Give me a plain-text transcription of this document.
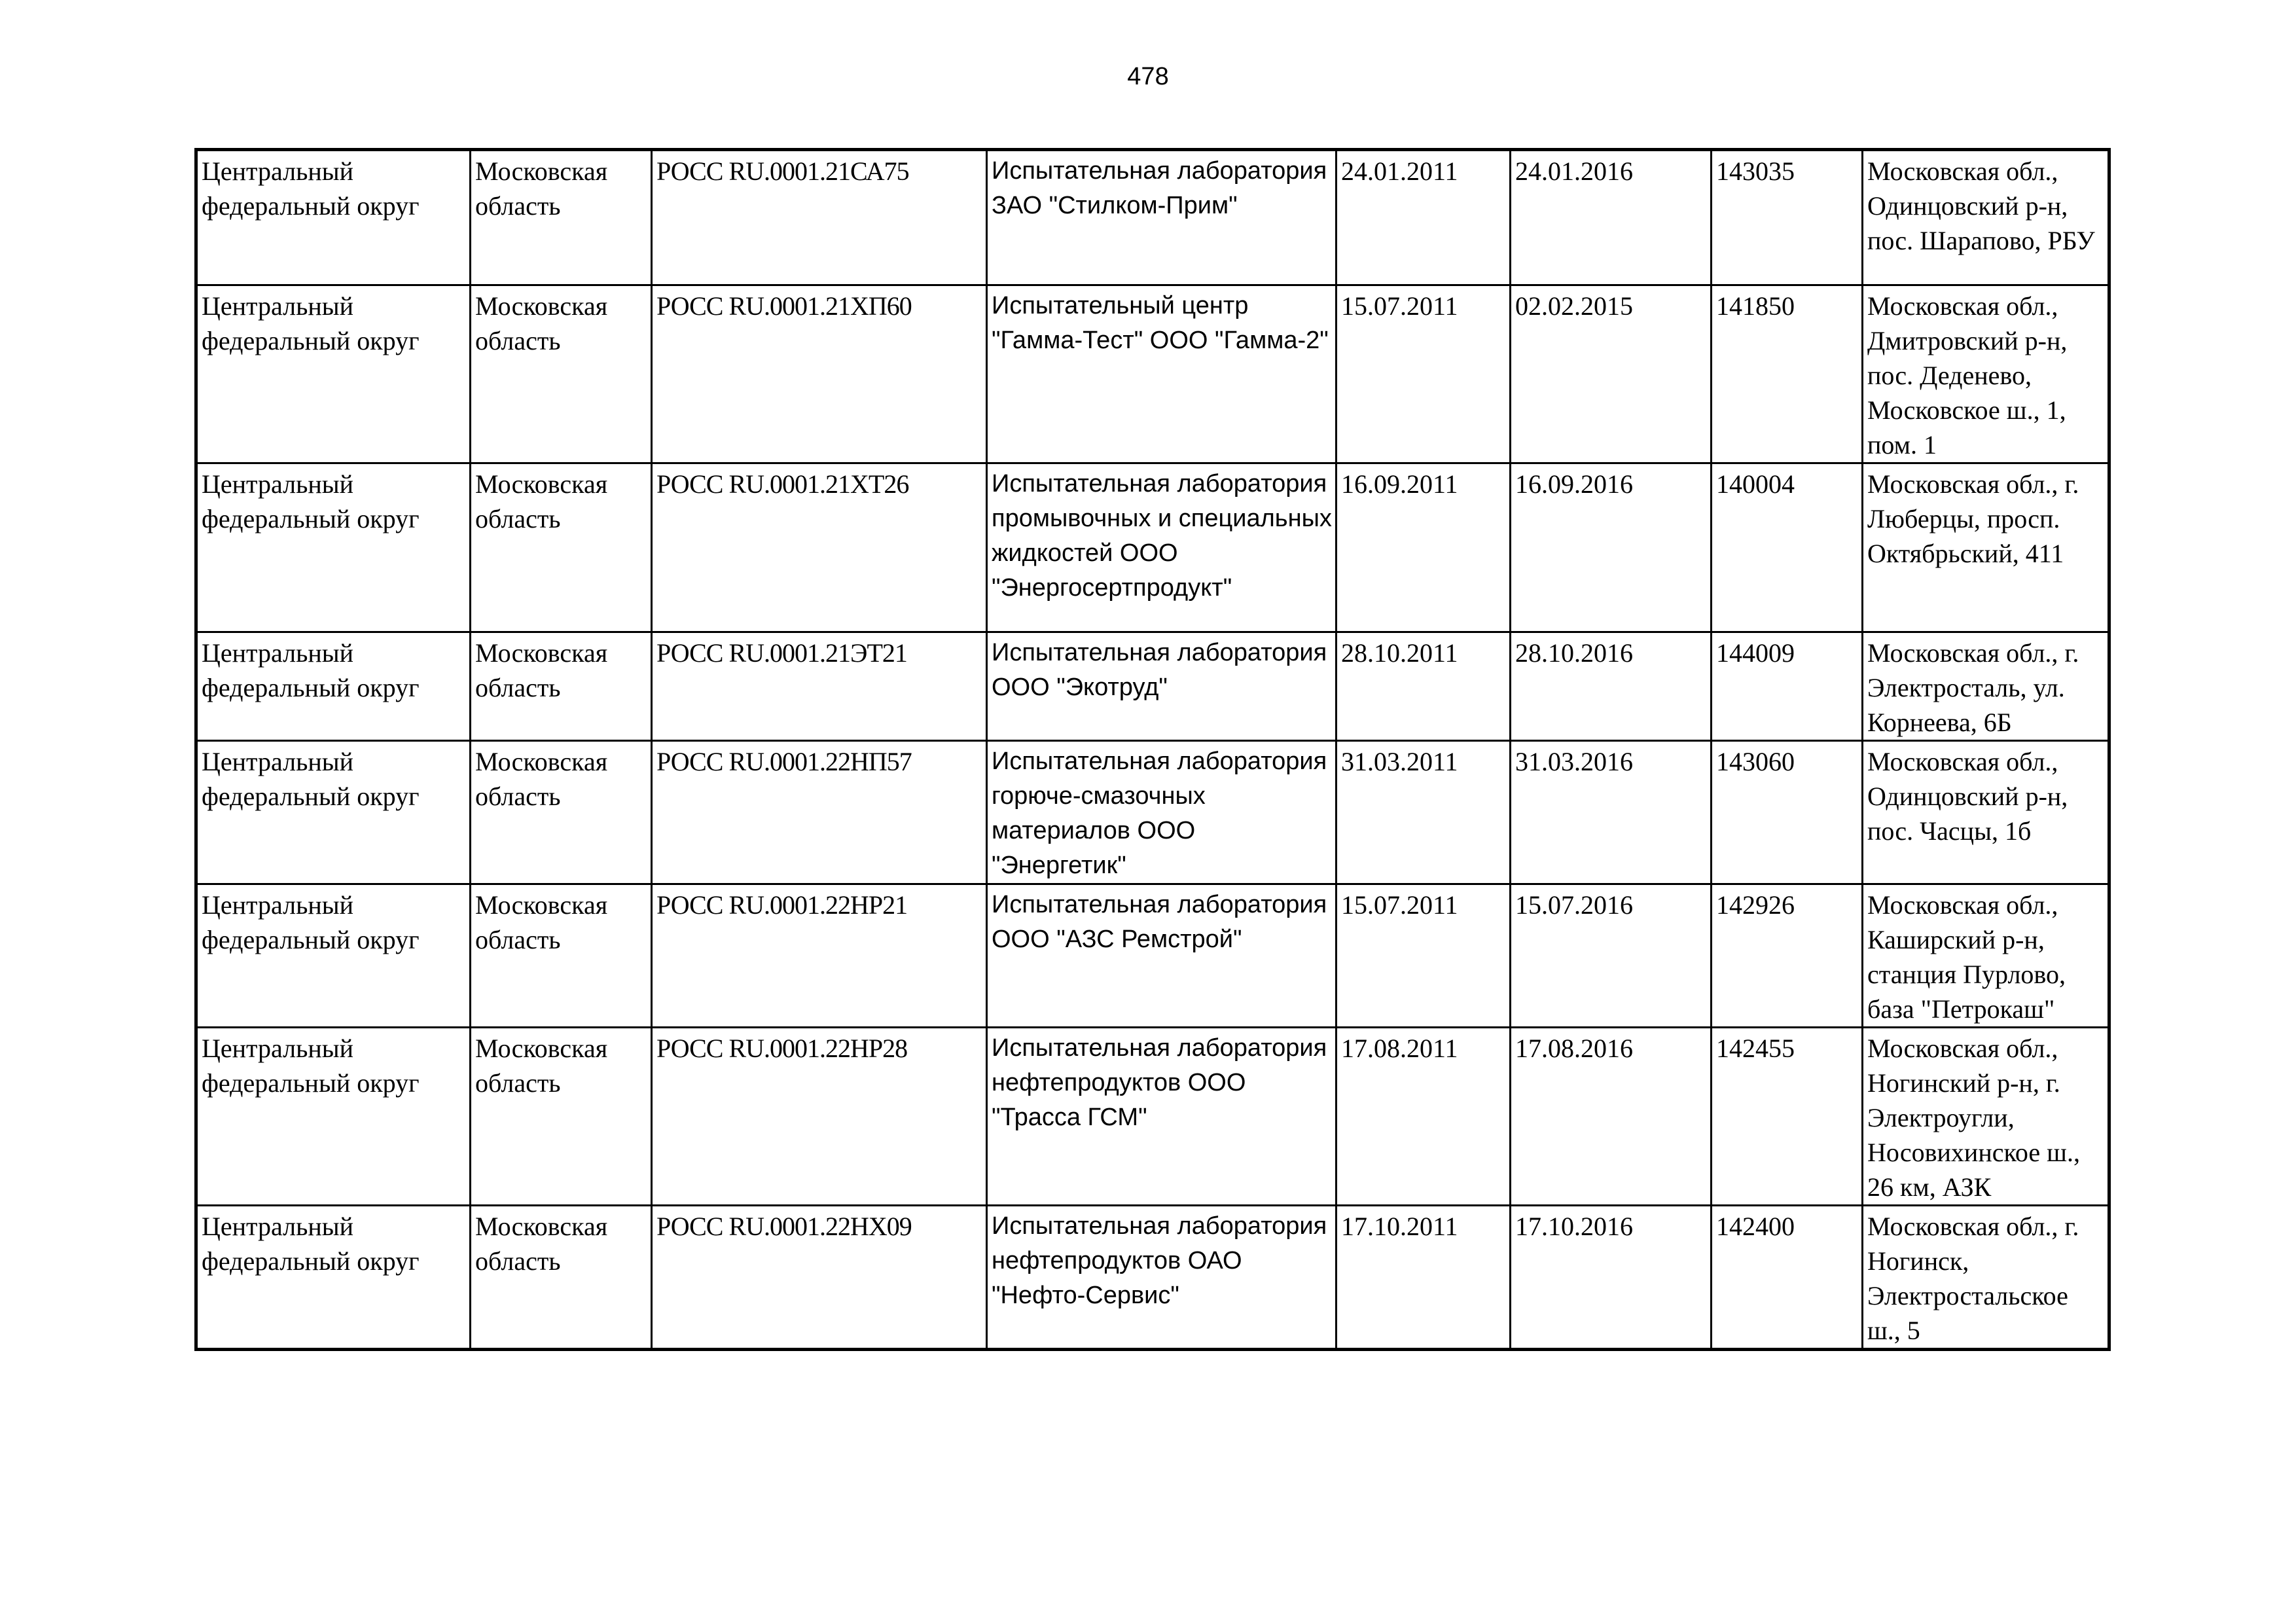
478
Центральный федеральный округ	Московская область	РОСС RU.0001.21СА75	Испытательная лаборатория ЗАО "Стилком-Прим"	24.01.2011	24.01.2016	143035	Московская обл., Одинцовский р-н, пос. Шарапово, РБУ
Центральный федеральный округ	Московская область	РОСС RU.0001.21ХП60	Испытательный центр "Гамма-Тест" ООО "Гамма-2"	15.07.2011	02.02.2015	141850	Московская обл., Дмитровский р-н, пос. Деденево, Московское ш., 1, пом. 1
Центральный федеральный округ	Московская область	РОСС RU.0001.21ХТ26	Испытательная лаборатория промывочных и специальных жидкостей ООО "Энергосертпродукт"	16.09.2011	16.09.2016	140004	Московская обл., г. Люберцы, просп. Октябрьский, 411
Центральный федеральный округ	Московская область	РОСС RU.0001.21ЭТ21	Испытательная лаборатория ООО "Экотруд"	28.10.2011	28.10.2016	144009	Московская обл., г. Электросталь, ул. Корнеева, 6Б
Центральный федеральный округ	Московская область	РОСС RU.0001.22НП57	Испытательная лаборатория горюче-смазочных материалов ООО "Энергетик"	31.03.2011	31.03.2016	143060	Московская обл., Одинцовский р-н, пос. Часцы, 1б
Центральный федеральный округ	Московская область	РОСС RU.0001.22НР21	Испытательная лаборатория ООО "АЗС Ремстрой"	15.07.2011	15.07.2016	142926	Московская обл., Каширский р-н, станция Пурлово, база "Петрокаш"
Центральный федеральный округ	Московская область	РОСС RU.0001.22НР28	Испытательная лаборатория нефтепродуктов ООО "Трасса ГСМ"	17.08.2011	17.08.2016	142455	Московская обл., Ногинский р-н, г. Электроугли, Носовихинское ш., 26 км, АЗК
Центральный федеральный округ	Московская область	РОСС RU.0001.22НХ09	Испытательная лаборатория нефтепродуктов ОАО "Нефто-Сервис"	17.10.2011	17.10.2016	142400	Московская обл., г. Ногинск, Электростальское ш., 5
